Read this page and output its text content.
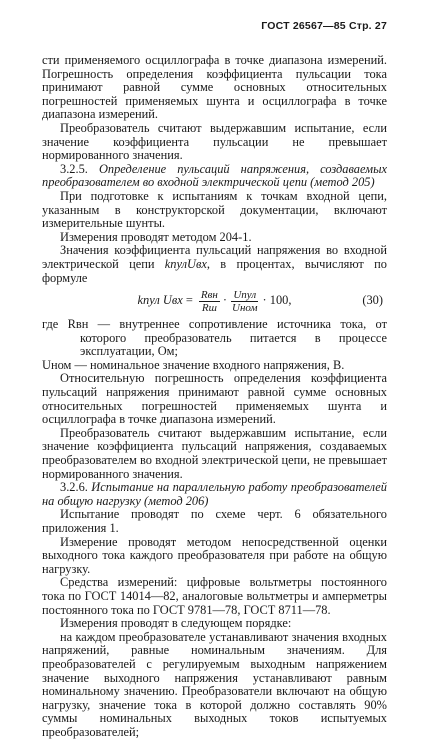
ГОСТ 26567—85 Стр. 27

сти применяемого осциллографа в точке диапазона измерений. Погрешность определения коэффициента пульсации тока принимают равной сумме основных относительных погрешностей применяемых шунта и осциллографа в точке диапазона измерений.

Преобразователь считают выдержавшим испытание, если значение коэффициента пульсации не превышает нормированного значения.

3.2.5. Определение пульсаций напряжения, создаваемых преобразователем во входной электрической цепи (метод 205)

При подготовке к испытаниям к точкам входной цепи, указанным в конструкторской документации, включают измерительные шунты.

Измерения проводят методом 204-1.

Значения коэффициента пульсаций напряжения во входной электрической цепи kпулUвх, в процентах, вычисляют по формуле

kпул Uвх = $\frac{\text{Rвн}}{Rш} \cdot \frac{\text{Uпул}}{\text{Uном}} \cdot 100$,	(30)

где Rвн — внутреннее сопротивление источника тока, от которого преобразователь питается в процессе эксплуатации, Ом;

Uном — номинальное значение входного напряжения, В.

Относительную погрешность определения коэффициента пульсаций напряжения принимают равной сумме основных относительных погрешностей применяемых шунта и осциллографа в точке диапазона измерений.

Преобразователь считают выдержавшим испытание, если значение коэффициента пульсаций напряжения, создаваемых преобразователем во входной электрической цепи, не превышает нормированного значения.

3.2.6. Испытание на параллельную работу преобразователей на общую нагрузку (метод 206)

Испытание проводят по схеме черт. 6 обязательного приложения 1.

Измерение проводят методом непосредственной оценки выходного тока каждого преобразователя при работе на общую нагрузку.

Средства измерений: цифровые вольтметры постоянного тока по ГОСТ 14014—82, аналоговые вольтметры и амперметры постоянного тока по ГОСТ 9781—78, ГОСТ 8711—78.

Измерения проводят в следующем порядке:

на каждом преобразователе устанавливают значения входных напряжений, равные номинальным значениям. Для преобразователей с регулируемым выходным напряжением значение выходного напряжения устанавливают равным номинальному значению. Преобразователи включают на общую нагрузку, значение тока в которой должно составлять 90% суммы номинальных выходных токов испытуемых преобразователей;
